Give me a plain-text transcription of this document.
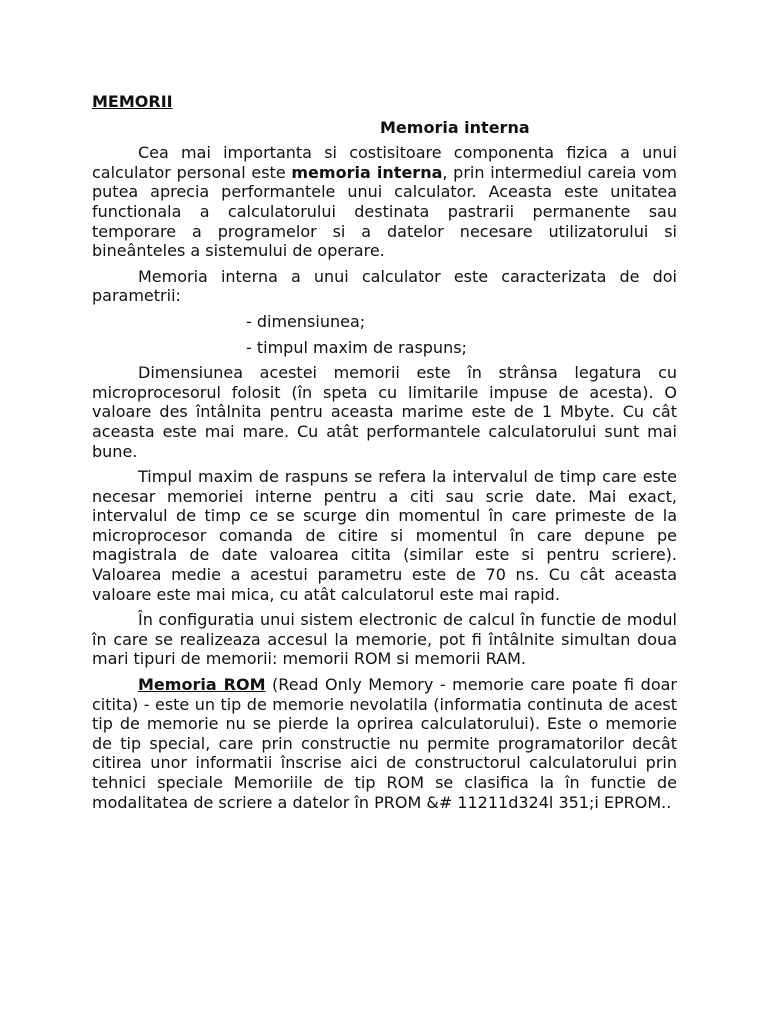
MEMORII
Memoria interna

Cea mai importanta si costisitoare componenta fizica a unui calculator personal este memoria interna, prin intermediul careia vom putea aprecia performantele unui calculator. Aceasta este unitatea functionala a calculatorului destinata pastrarii permanente sau temporare a programelor si a datelor necesare utilizatorului si bineânteles a sistemului de operare.

Memoria interna a unui calculator este caracterizata de doi parametrii:

- dimensiunea;

- timpul maxim de raspuns;

Dimensiunea acestei memorii este în strânsa legatura cu microprocesorul folosit (în speta cu limitarile impuse de acesta). O valoare des întâlnita pentru aceasta marime este de 1 Mbyte. Cu cât aceasta este mai mare. Cu atât performantele calculatorului sunt mai bune.

Timpul maxim de raspuns se refera la intervalul de timp care este necesar memoriei interne pentru a citi sau scrie date. Mai exact, intervalul de timp ce se scurge din momentul în care primeste de la microprocesor comanda de citire si momentul în care depune pe magistrala de date valoarea citita (similar este si pentru scriere). Valoarea medie a acestui parametru este de 70 ns. Cu cât aceasta valoare este mai mica, cu atât calculatorul este mai rapid.

În configuratia unui sistem electronic de calcul în functie de modul în care se realizeaza accesul la memorie, pot fi întâlnite simultan doua mari tipuri de memorii: memorii ROM si memorii RAM.

Memoria ROM (Read Only Memory - memorie care poate fi doar citita) - este un tip de memorie nevolatila (informatia continuta de acest tip de memorie nu se pierde la oprirea calculatorului). Este o memorie de tip special, care prin constructie nu permite programatorilor decât citirea unor informatii înscrise aici de constructorul calculatorului prin tehnici speciale Memoriile de tip ROM se clasifica la în functie de modalitatea de scriere a datelor în PROM &# 11211d324l 351;i EPROM..
